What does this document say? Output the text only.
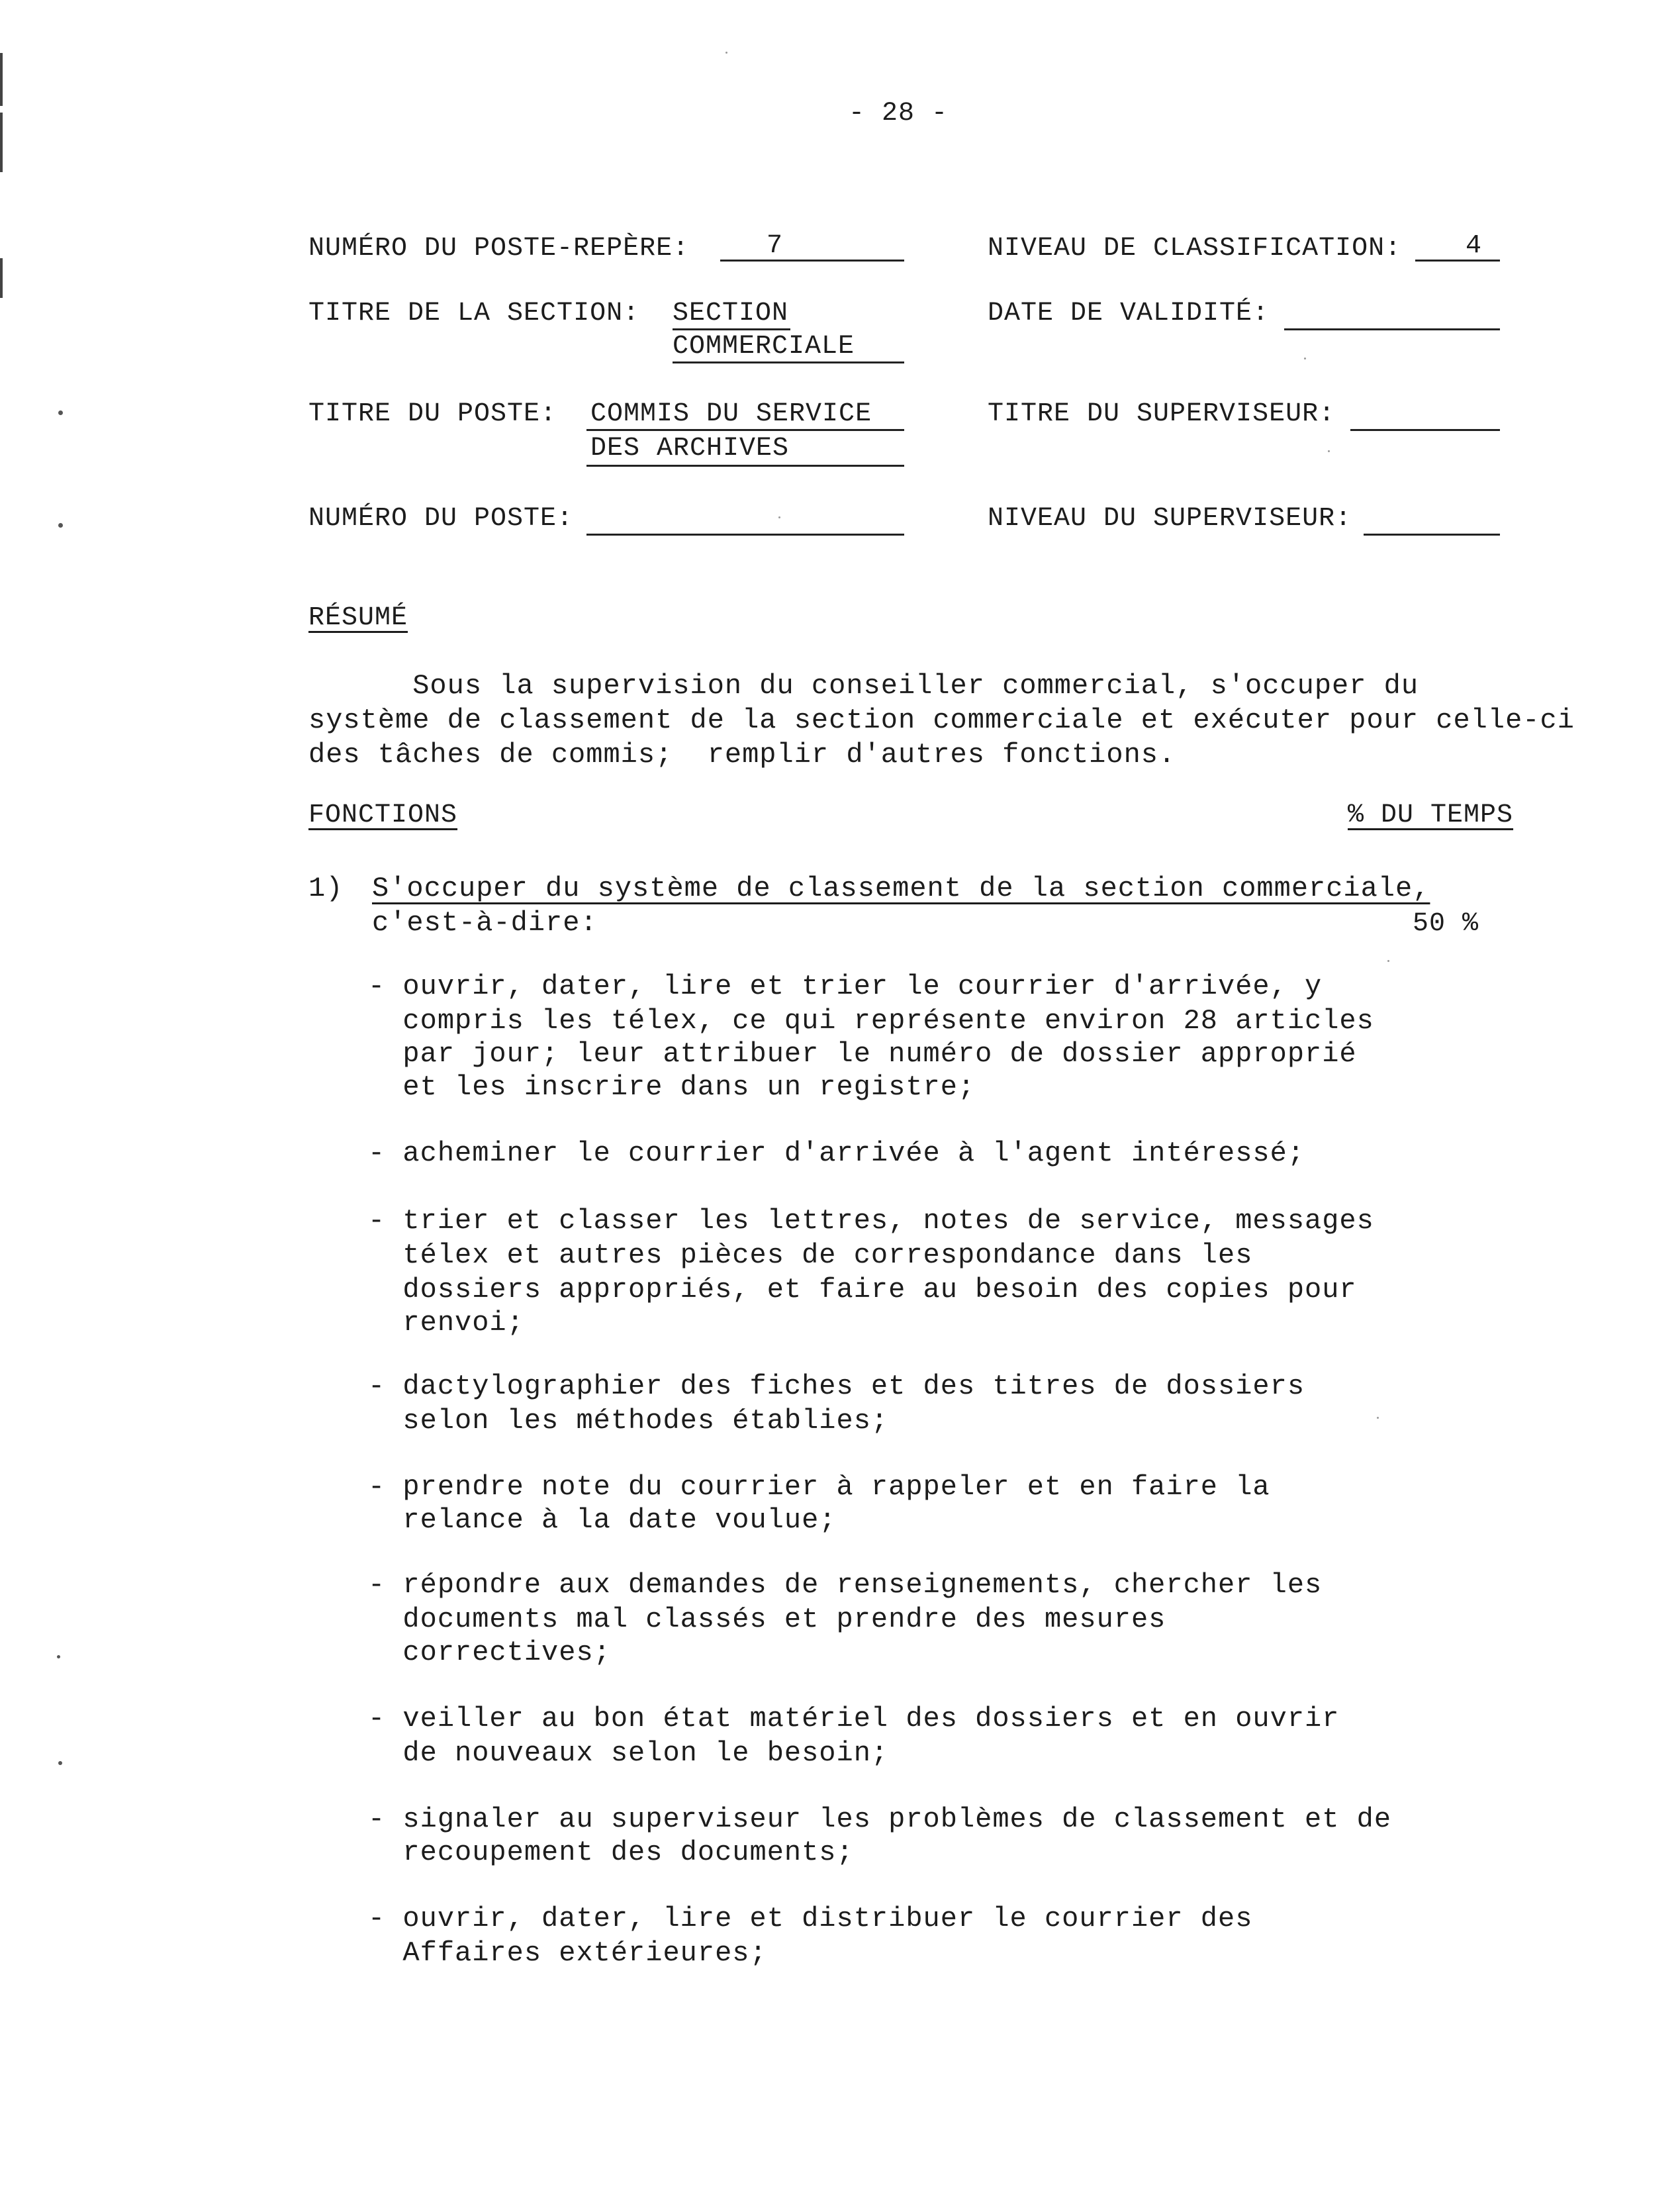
- 28 -
NUMÉRO DU POSTE-REPÈRE:	7	NIVEAU DE CLASSIFICATION: 4
TITRE DE LA SECTION: SECTION
COMMERCIALE
DATE DE VALIDITÉ:
TITRE DU POSTE: COMMIS DU SERVICE
DES ARCHIVES
TITRE DU SUPERVISEUR:
NUMÉRO DU POSTE:	NIVEAU DU SUPERVISEUR:
RÉSUMÉ
Sous la supervision du conseiller commercial, s'occuper du
système de classement de la section commerciale et exécuter pour celle-ci
des tâches de commis;  remplir d'autres fonctions.
FONCTIONS	% DU TEMPS
1) S'occuper du système de classement de la section commerciale,
c'est-à-dire:	50 %
- ouvrir, dater, lire et trier le courrier d'arrivée, y
compris les télex, ce qui représente environ 28 articles
par jour; leur attribuer le numéro de dossier approprié
et les inscrire dans un registre;
- acheminer le courrier d'arrivée à l'agent intéressé;
- trier et classer les lettres, notes de service, messages
télex et autres pièces de correspondance dans les
dossiers appropriés, et faire au besoin des copies pour
renvoi;
- dactylographier des fiches et des titres de dossiers
selon les méthodes établies;
- prendre note du courrier à rappeler et en faire la
relance à la date voulue;
- répondre aux demandes de renseignements, chercher les
documents mal classés et prendre des mesures
correctives;
- veiller au bon état matériel des dossiers et en ouvrir
de nouveaux selon le besoin;
- signaler au superviseur les problèmes de classement et de
recoupement des documents;
- ouvrir, dater, lire et distribuer le courrier des
Affaires extérieures;
